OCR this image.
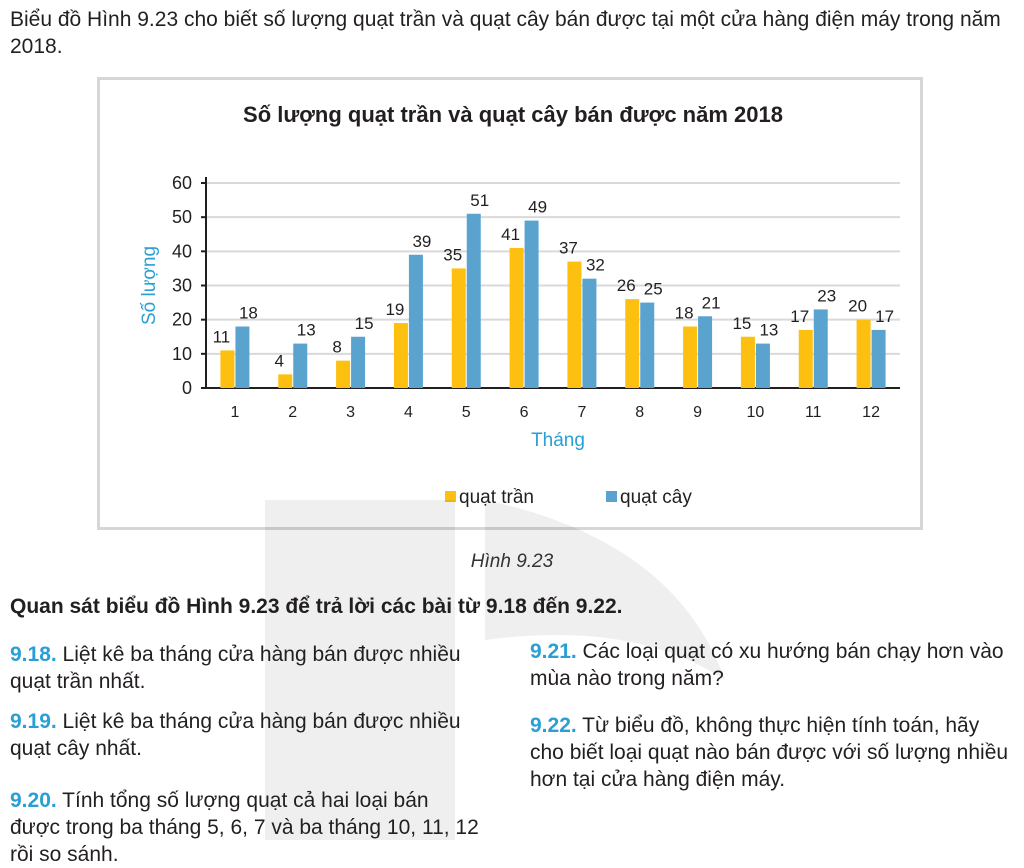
Biểu đồ Hình 9.23 cho biết số lượng quạt trần và quạt cây bán được tại một cửa hàng điện máy trong năm 2018.

Số lượng quạt trần và quạt cây bán được năm 2018
0
10
20
30
40
50
60
Số lượng
11
18
1
4
13
2
8
15
3
19
39
4
35
51
5
41
49
6
37
32
7
26 25
8
18
21
9
15 13
10
17
23
11
20
17
12
Tháng
quạt trần	quạt cây
Hình 9.23

Quan sát biểu đồ Hình 9.23 để trả lời các bài từ 9.18 đến 9.22.

9.18. Liệt kê ba tháng cửa hàng bán được nhiều quạt trần nhất.

9.19. Liệt kê ba tháng cửa hàng bán được nhiều quạt cây nhất.

9.20. Tính tổng số lượng quạt cả hai loại bán được trong ba tháng 5, 6, 7 và ba tháng 10, 11, 12 rồi so sánh.

9.21. Các loại quạt có xu hướng bán chạy hơn vào mùa nào trong năm?

9.22. Từ biểu đồ, không thực hiện tính toán, hãy cho biết loại quạt nào bán được với số lượng nhiều hơn tại cửa hàng điện máy.
